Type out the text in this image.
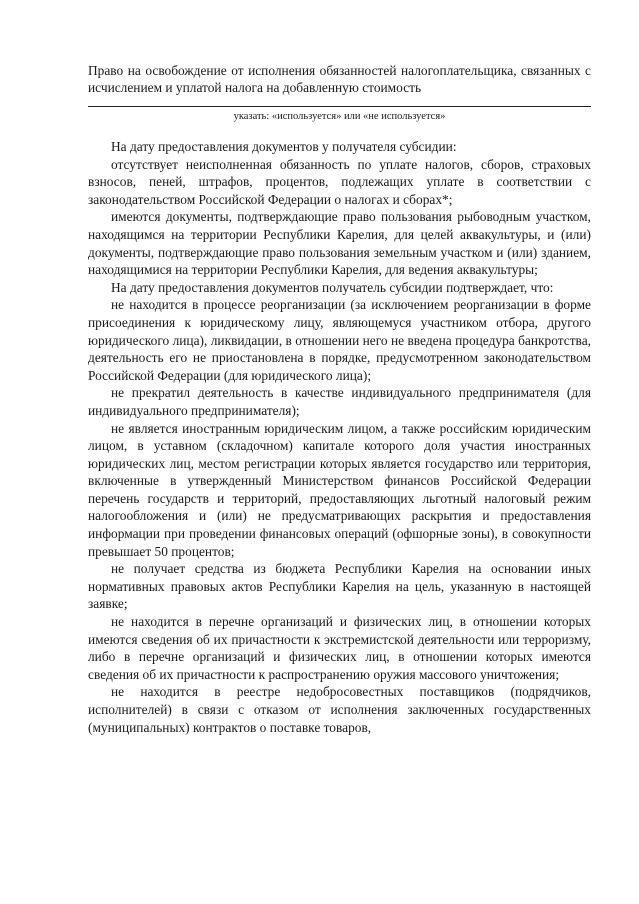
Право на освобождение от исполнения обязанностей налогоплательщика, связанных с исчислением и уплатой налога на добавленную стоимость

указать: «используется» или «не используется»

На дату предоставления документов у получателя субсидии:

отсутствует неисполненная обязанность по уплате налогов, сборов, страховых взносов, пеней, штрафов, процентов, подлежащих уплате в соответствии с законодательством Российской Федерации о налогах и сборах*;

имеются документы, подтверждающие право пользования рыбоводным участком, находящимся на территории Республики Карелия, для целей аквакультуры, и (или) документы, подтверждающие право пользования земельным участком и (или) зданием, находящимися на территории Республики Карелия, для ведения аквакультуры;

На дату предоставления документов получатель субсидии подтверждает, что:

не находится в процессе реорганизации (за исключением реорганизации в форме присоединения к юридическому лицу, являющемуся участником отбора, другого юридического лица), ликвидации, в отношении него не введена процедура банкротства, деятельность его не приостановлена в порядке, предусмотренном законодательством Российской Федерации (для юридического лица);

не прекратил деятельность в качестве индивидуального предпринимателя (для индивидуального предпринимателя);

не является иностранным юридическим лицом, а также российским юридическим лицом, в уставном (складочном) капитале которого доля участия иностранных юридических лиц, местом регистрации которых является государство или территория, включенные в утвержденный Министерством финансов Российской Федерации перечень государств и территорий, предоставляющих льготный налоговый режим налогообложения и (или) не предусматривающих раскрытия и предоставления информации при проведении финансовых операций (офшорные зоны), в совокупности превышает 50 процентов;

не получает средства из бюджета Республики Карелия на основании иных нормативных правовых актов Республики Карелия на цель, указанную в настоящей заявке;

не находится в перечне организаций и физических лиц, в отношении которых имеются сведения об их причастности к экстремистской деятельности или терроризму, либо в перечне организаций и физических лиц, в отношении которых имеются сведения об их причастности к распространению оружия массового уничтожения;

не находится в реестре недобросовестных поставщиков (подрядчиков, исполнителей) в связи с отказом от исполнения заключенных государственных (муниципальных) контрактов о поставке товаров,
